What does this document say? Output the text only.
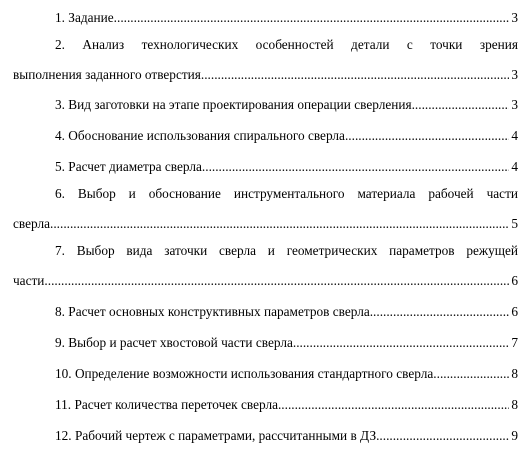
1. Задание .....	3
2. Анализ технологических особенностей детали с точки зрения
выполнения заданного отверстия .....	3
3. Вид заготовки на этапе проектирования операции сверления .....	3
4. Обоснование использования спирального сверла .....	4
5. Расчет диаметра сверла .....	4
6. Выбор и обоснование инструментального материала рабочей части
сверла .....	5
7. Выбор вида заточки сверла и геометрических параметров режущей
части .....	6
8. Расчет основных конструктивных параметров сверла .....	6
9. Выбор и расчет хвостовой части сверла .....	7
10. Определение возможности использования стандартного сверла .....	8
11. Расчет количества переточек сверла .....	8
12. Рабочий чертеж с параметрами, рассчитанными в ДЗ .....	9
